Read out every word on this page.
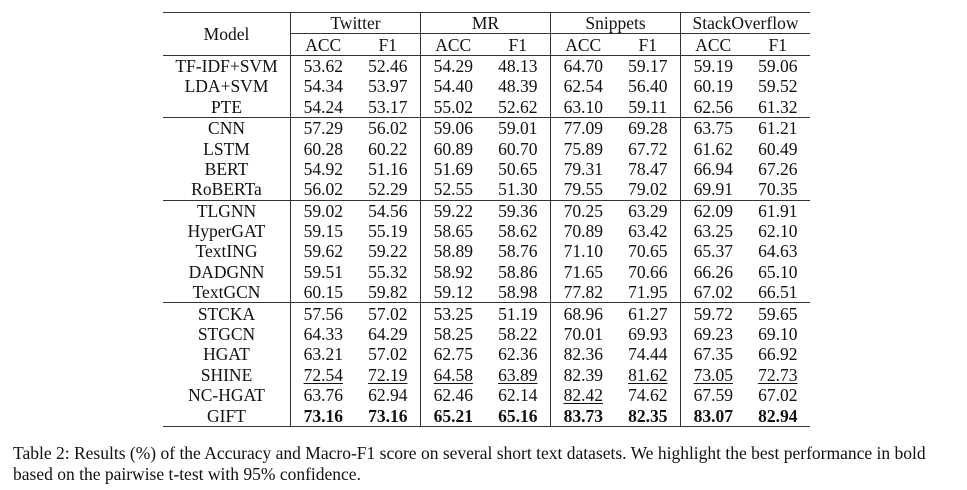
Model	Twitter		MR		Snippets		StackOverflow	
	ACC	F1	ACC	F1	ACC	F1	ACC	F1
TF-IDF+SVM	53.62	52.46	54.29	48.13	64.70	59.17	59.19	59.06
LDA+SVM	54.34	53.97	54.40	48.39	62.54	56.40	60.19	59.52
PTE	54.24	53.17	55.02	52.62	63.10	59.11	62.56	61.32
CNN	57.29	56.02	59.06	59.01	77.09	69.28	63.75	61.21
LSTM	60.28	60.22	60.89	60.70	75.89	67.72	61.62	60.49
BERT	54.92	51.16	51.69	50.65	79.31	78.47	66.94	67.26
RoBERTa	56.02	52.29	52.55	51.30	79.55	79.02	69.91	70.35
TLGNN	59.02	54.56	59.22	59.36	70.25	63.29	62.09	61.91
HyperGAT	59.15	55.19	58.65	58.62	70.89	63.42	63.25	62.10
TextING	59.62	59.22	58.89	58.76	71.10	70.65	65.37	64.63
DADGNN	59.51	55.32	58.92	58.86	71.65	70.66	66.26	65.10
TextGCN	60.15	59.82	59.12	58.98	77.82	71.95	67.02	66.51
STCKA	57.56	57.02	53.25	51.19	68.96	61.27	59.72	59.65
STGCN	64.33	64.29	58.25	58.22	70.01	69.93	69.23	69.10
HGAT	63.21	57.02	62.75	62.36	82.36	74.44	67.35	66.92
SHINE	72.54	72.19	64.58	63.89	82.39	81.62	73.05	72.73
NC-HGAT	63.76	62.94	62.46	62.14	82.42	74.62	67.59	67.02
GIFT	73.16	73.16	65.21	65.16	83.73	82.35	83.07	82.94
Table 2: Results (%) of the Accuracy and Macro-F1 score on several short text datasets. We highlight the best performance in bold based on the pairwise t-test with 95% confidence.
